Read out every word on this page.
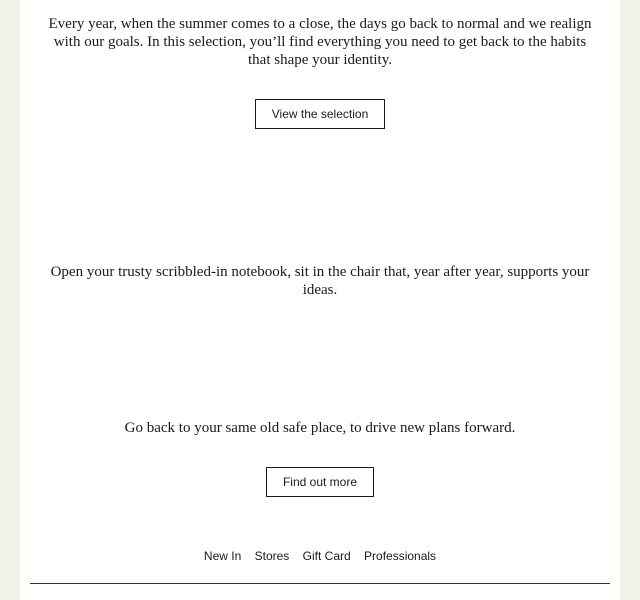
Every year, when the summer comes to a close, the days go back to normal and we realign with our goals. In this selection, you’ll find everything you need to get back to the habits that shape your identity.

View the selection

Open your trusty scribbled-in notebook, sit in the chair that, year after year, supports your ideas.

Go back to your same old safe place, to drive new plans forward.

Find out more
New In Stores Gift Card Professionals
